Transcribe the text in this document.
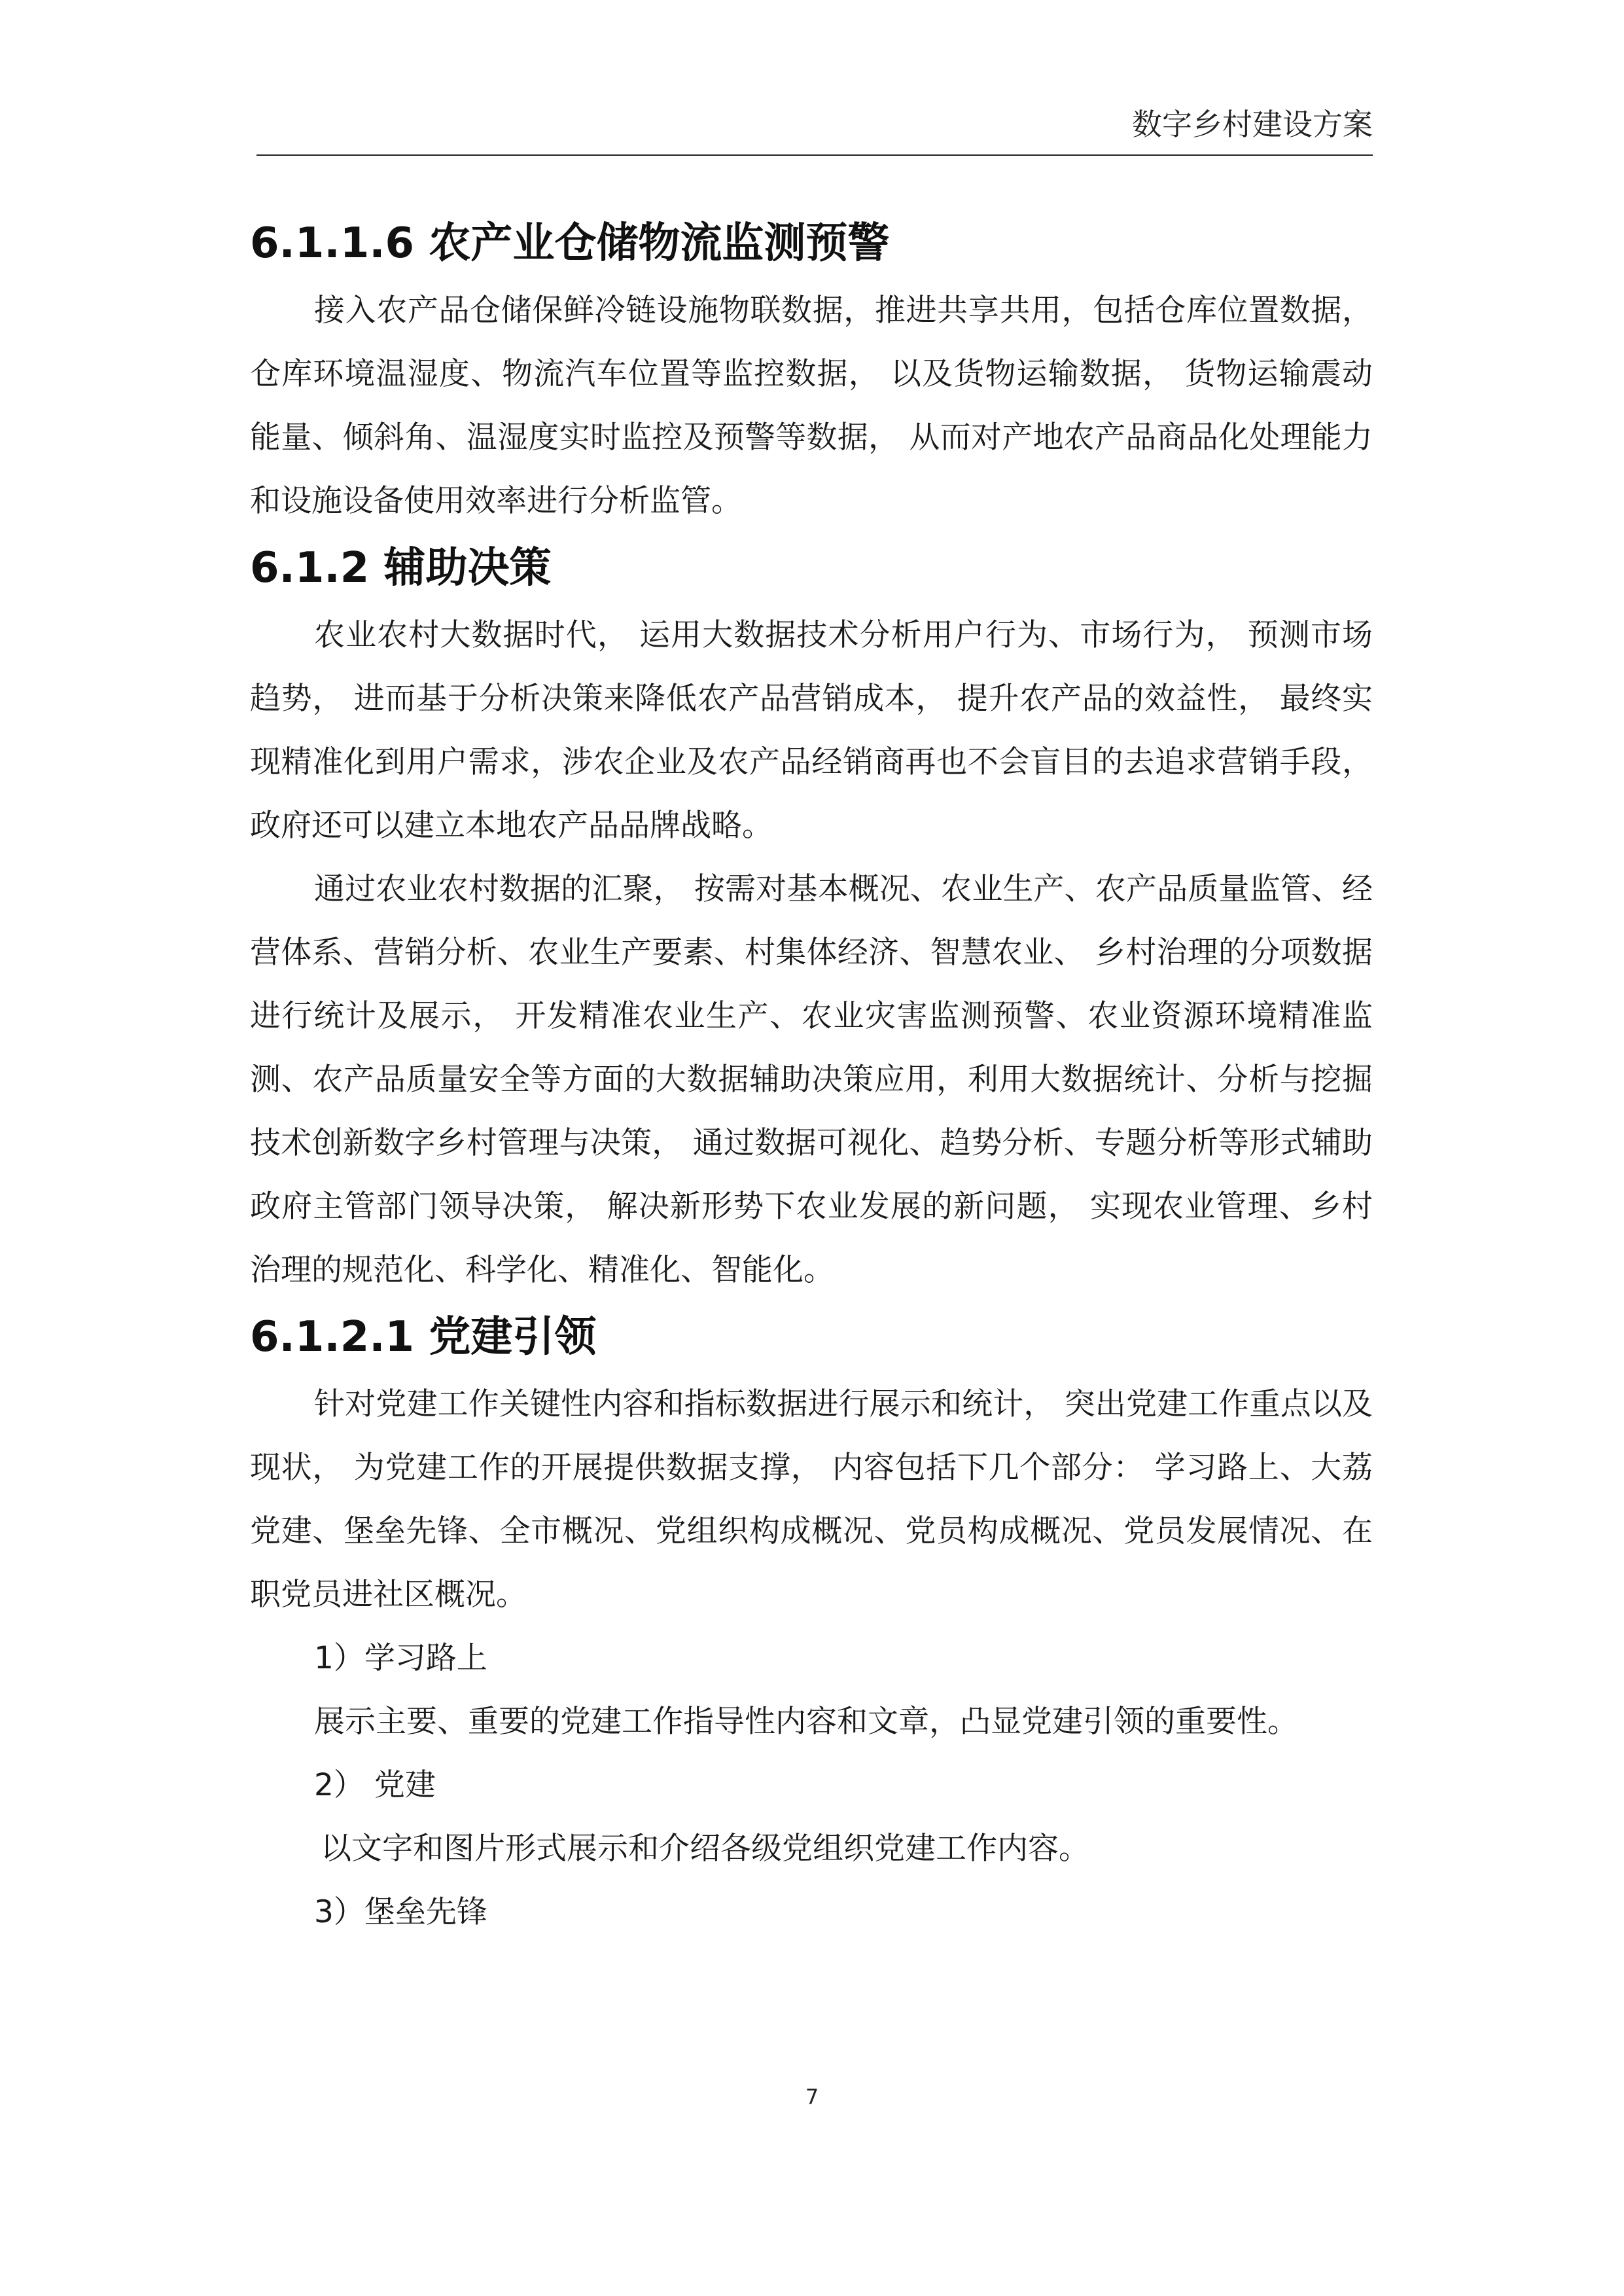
数字乡村建设方案
6.1.1.6 农产业仓储物流监测预警

接入农产品仓储保鲜冷链设施物联数据，推进共享共用，包括仓库位置数据，仓库环境温湿度、物流汽车位置等监控数据， 以及货物运输数据， 货物运输震动能量、倾斜角、温湿度实时监控及预警等数据， 从而对产地农产品商品化处理能力和设施设备使用效率进行分析监管。

6.1.2 辅助决策

农业农村大数据时代， 运用大数据技术分析用户行为、市场行为， 预测市场趋势， 进而基于分析决策来降低农产品营销成本， 提升农产品的效益性， 最终实现精准化到用户需求，涉农企业及农产品经销商再也不会盲目的去追求营销手段，政府还可以建立本地农产品品牌战略。

通过农业农村数据的汇聚， 按需对基本概况、农业生产、农产品质量监管、经营体系、营销分析、农业生产要素、村集体经济、智慧农业、 乡村治理的分项数据进行统计及展示， 开发精准农业生产、农业灾害监测预警、农业资源环境精准监测、农产品质量安全等方面的大数据辅助决策应用，利用大数据统计、分析与挖掘技术创新数字乡村管理与决策， 通过数据可视化、趋势分析、专题分析等形式辅助政府主管部门领导决策， 解决新形势下农业发展的新问题， 实现农业管理、乡村治理的规范化、科学化、精准化、智能化。

6.1.2.1 党建引领

针对党建工作关键性内容和指标数据进行展示和统计， 突出党建工作重点以及现状， 为党建工作的开展提供数据支撑， 内容包括下几个部分： 学习路上、大荔党建、堡垒先锋、全市概况、党组织构成概况、党员构成概况、党员发展情况、在职党员进社区概况。

1）学习路上

展示主要、重要的党建工作指导性内容和文章，凸显党建引领的重要性。

2） 党建

以文字和图片形式展示和介绍各级党组织党建工作内容。

3）堡垒先锋

7
